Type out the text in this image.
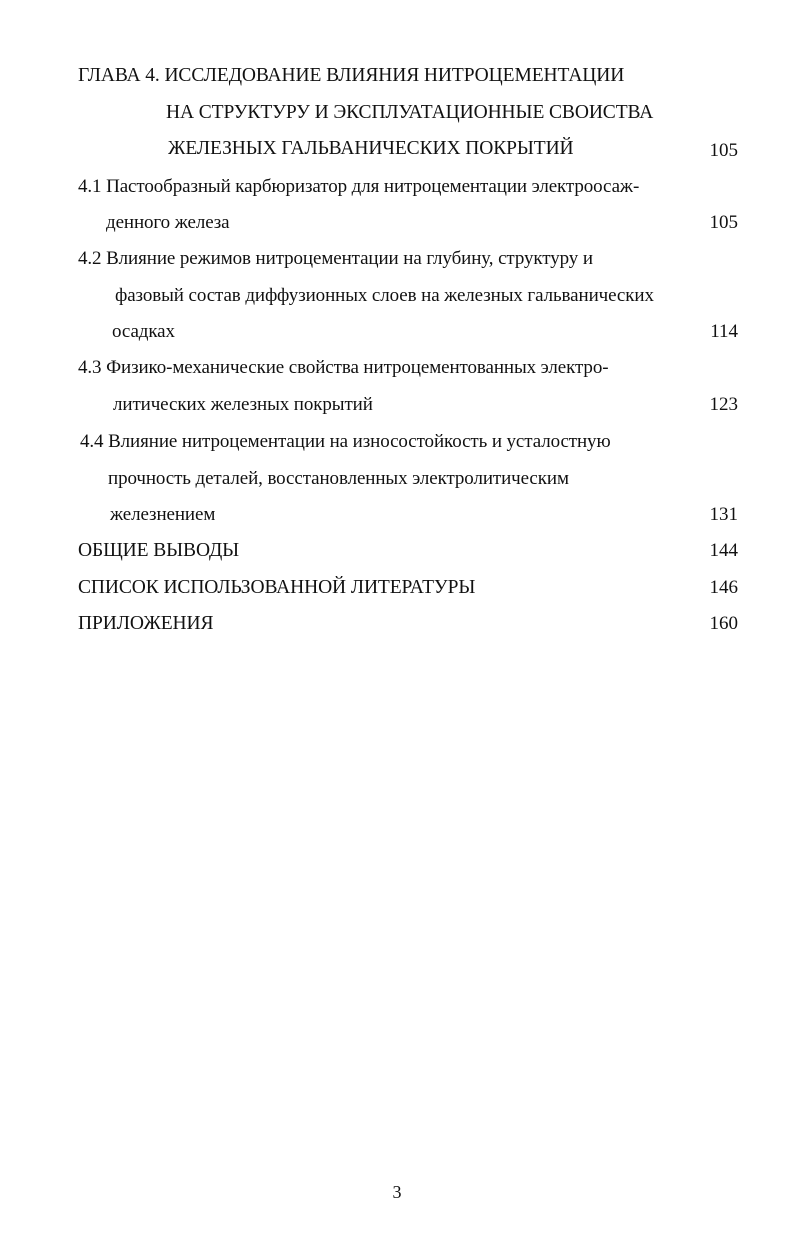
ГЛАВА 4. ИССЛЕДОВАНИЕ ВЛИЯНИЯ НИТРОЦЕМЕНТАЦИИ
НА СТРУКТУРУ И ЭКСПЛУАТАЦИОННЫЕ СВОИСТВА
ЖЕЛЕЗНЫХ ГАЛЬВАНИЧЕСКИХ ПОКРЫТИЙ	105
4.1 Пастообразный карбюризатор для нитроцементации электроосаж-
денного железа	105
4.2 Влияние режимов нитроцементации на глубину, структуру и
фазовый состав диффузионных слоев на железных гальванических
осадках	114
4.3 Физико-механические свойства нитроцементованных электро-
литических железных покрытий	123
4.4 Влияние нитроцементации на износостойкость и усталостную
прочность деталей, восстановленных электролитическим
железнением	131
ОБЩИЕ ВЫВОДЫ	144
СПИСОК ИСПОЛЬЗОВАННОЙ ЛИТЕРАТУРЫ	146
ПРИЛОЖЕНИЯ	160
3
